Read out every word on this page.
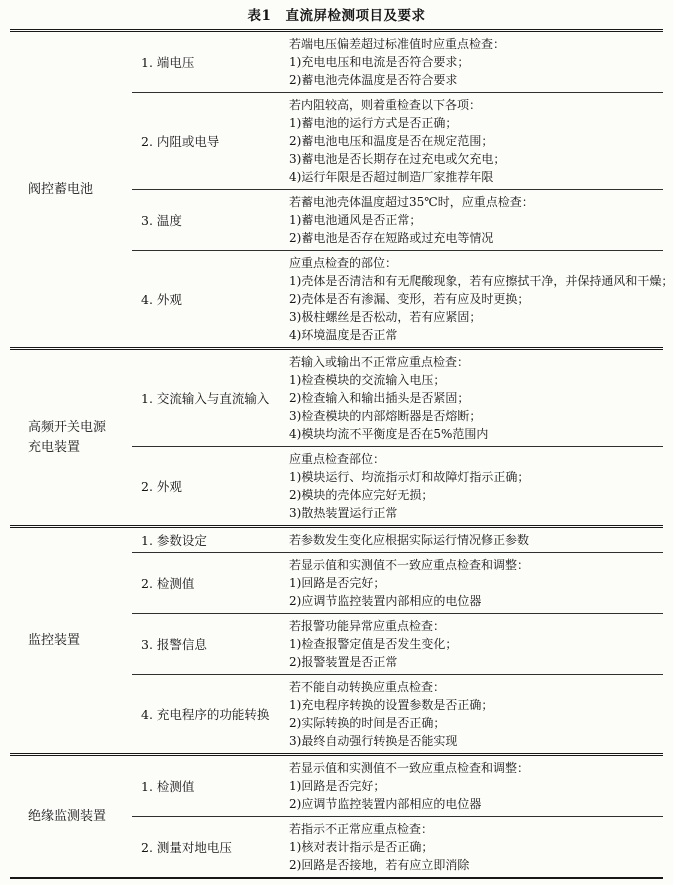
表1　直流屏检测项目及要求
阀控蓄电池
1. 端电压
若端电压偏差超过标准值时应重点检查：
1)充电电压和电流是否符合要求；
2)蓄电池壳体温度是否符合要求
2. 内阻或电导
若内阻较高，则着重检查以下各项：
1)蓄电池的运行方式是否正确；
2)蓄电池电压和温度是否在规定范围；
3)蓄电池是否长期存在过充电或欠充电；
4)运行年限是否超过制造厂家推荐年限
3. 温度
若蓄电池壳体温度超过35℃时，应重点检查：
1)蓄电池通风是否正常；
2)蓄电池是否存在短路或过充电等情况
4. 外观
应重点检查的部位：
1)壳体是否清洁和有无爬酸现象，若有应擦拭干净，并保持通风和干燥；
2)壳体是否有渗漏、变形，若有应及时更换；
3)极柱螺丝是否松动，若有应紧固；
4)环境温度是否正常
高频开关电源充电装置
1. 交流输入与直流输入
若输入或输出不正常应重点检查：
1)检查模块的交流输入电压；
2)检查输入和输出插头是否紧固；
3)检查模块的内部熔断器是否熔断；
4)模块均流不平衡度是否在5%范围内
2. 外观
应重点检查部位：
1)模块运行、均流指示灯和故障灯指示正确；
2)模块的壳体应完好无损；
3)散热装置运行正常
监控装置
1. 参数设定	若参数发生变化应根据实际运行情况修正参数
2. 检测值
若显示值和实测值不一致应重点检查和调整：
1)回路是否完好；
2)应调节监控装置内部相应的电位器
3. 报警信息
若报警功能异常应重点检查：
1)检查报警定值是否发生变化；
2)报警装置是否正常
4. 充电程序的功能转换
若不能自动转换应重点检查：
1)充电程序转换的设置参数是否正确；
2)实际转换的时间是否正确；
3)最终自动强行转换是否能实现
绝缘监测装置
1. 检测值
若显示值和实测值不一致应重点检查和调整：
1)回路是否完好；
2)应调节监控装置内部相应的电位器
2. 测量对地电压
若指示不正常应重点检查：
1)核对表计指示是否正确；
2)回路是否接地，若有应立即消除
